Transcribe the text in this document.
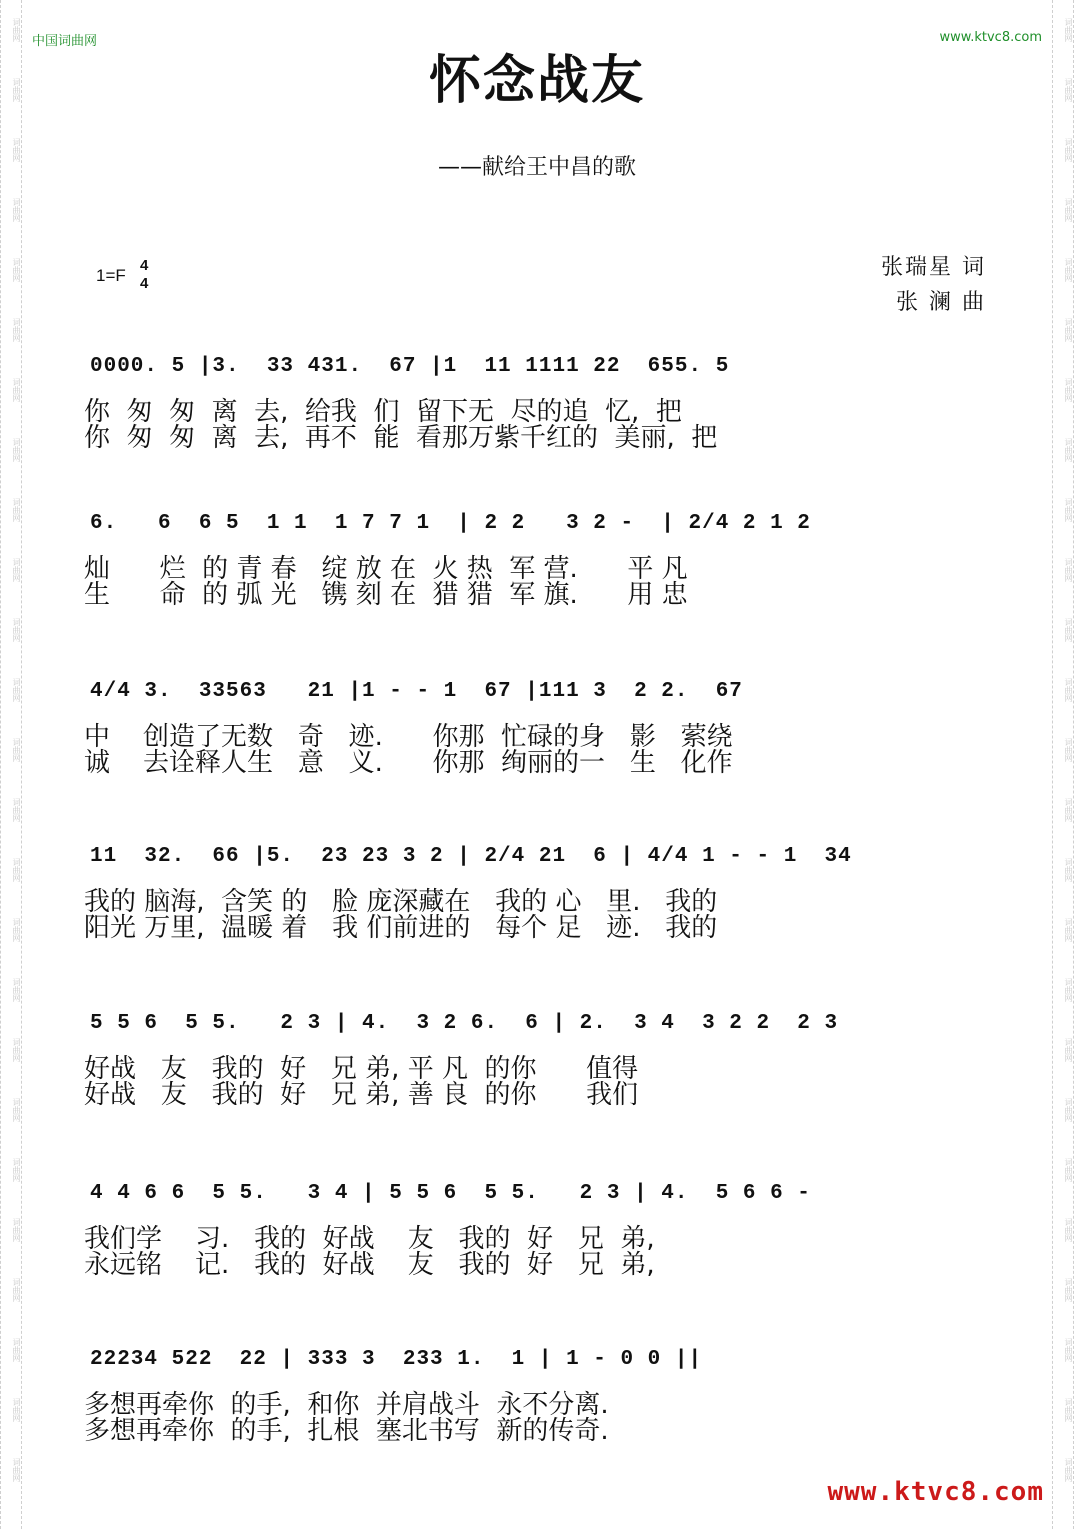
词曲网
词曲网
词曲网
词曲网
词曲网
词曲网
词曲网
词曲网
词曲网
词曲网
词曲网
词曲网
词曲网
词曲网
词曲网
词曲网
词曲网
词曲网
词曲网
词曲网
词曲网
词曲网
词曲网
词曲网
词曲网
词曲网
词曲网
词曲网
词曲网
词曲网
词曲网
词曲网
词曲网
词曲网
词曲网
词曲网
词曲网
词曲网
词曲网
词曲网
词曲网
词曲网
词曲网
词曲网
词曲网
词曲网
词曲网
词曲网
词曲网
词曲网
中国词曲网	www.ktvc8.com
怀念战友
——献给王中昌的歌
1=F
4
4
张瑞星 词
张 澜 曲
0000. 5 |3.  33 431.  67 |1  11 1111 22  655. 5
你  匆  匆  离  去,  给我  们  留下无  尽的追  忆,  把
你  匆  匆  离  去,  再不  能  看那万紫千红的  美丽,  把
6.   6  6 5  1 1  1 7 7 1  | 2 2   3 2 -  | 2/4 2 1 2
灿      烂  的 青 春   绽 放 在  火 热  军 营.      平 凡
生      命  的 弧 光   镌 刻 在  猎 猎  军 旗.      用 忠
4/4 3.  33563   21 |1 - - 1  67 |111 3  2 2.  67
中    创造了无数   奇   迹.      你那  忙碌的身   影   萦绕
诚    去诠释人生   意   义.      你那  绚丽的一   生   化作
11  32.  66 |5.  23 23 3 2 | 2/4 21  6 | 4/4 1 - - 1  34
我的 脑海,  含笑 的   脸 庞深藏在   我的 心   里.   我的
阳光 万里,  温暖 着   我 们前进的   每个 足   迹.   我的
5 5 6  5 5.   2 3 | 4.  3 2 6.  6 | 2.  3 4  3 2 2  2 3
好战   友   我的  好   兄 弟, 平 凡  的你      值得
好战   友   我的  好   兄 弟, 善 良  的你      我们
4 4 6 6  5 5.   3 4 | 5 5 6  5 5.   2 3 | 4.  5 6 6 -
我们学    习.   我的  好战    友   我的  好   兄  弟,
永远铭    记.   我的  好战    友   我的  好   兄  弟,
22234 522  22 | 333 3  233 1.  1 | 1 - 0 0 ||
多想再牵你  的手,  和你  并肩战斗  永不分离.
多想再牵你  的手,  扎根  塞北书写  新的传奇.
www.ktvc8.com
